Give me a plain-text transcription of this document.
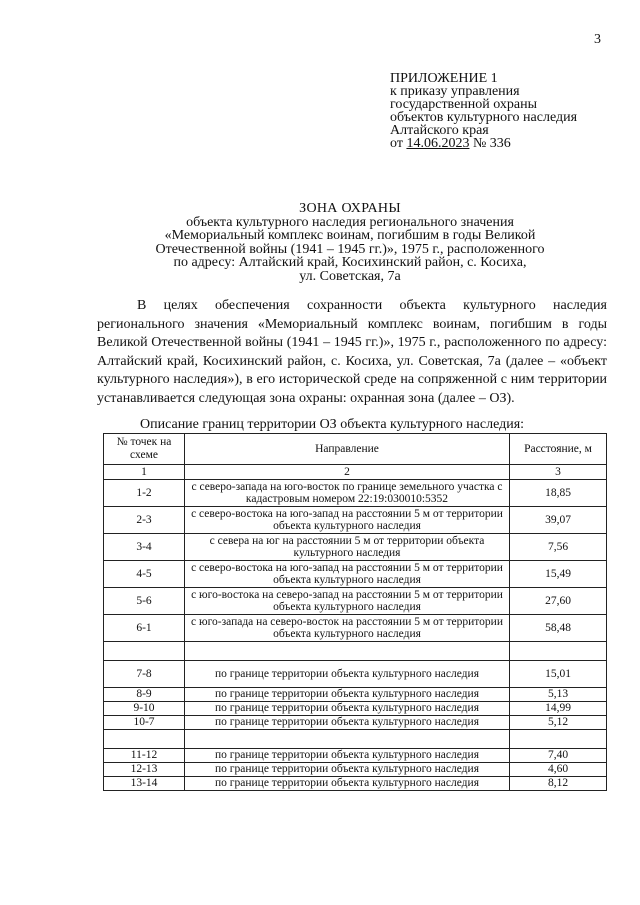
3
ПРИЛОЖЕНИЕ 1
к приказу управления
государственной охраны
объектов культурного наследия
Алтайского края
от 14.06.2023 № 336
ЗОНА ОХРАНЫ
объекта культурного наследия регионального значения
«Мемориальный комплекс воинам, погибшим в годы Великой
Отечественной войны (1941 – 1945 гг.)», 1975 г., расположенного
по адресу: Алтайский край, Косихинский район, с. Косиха,
ул. Советская, 7а

В целях обеспечения сохранности объекта культурного наследия регионального значения «Мемориальный комплекс воинам, погибшим в годы Великой Отечественной войны (1941 – 1945 гг.)», 1975 г., расположенного по адресу: Алтайский край, Косихинский район, с. Косиха, ул. Советская, 7а (далее – «объект культурного наследия»), в его исторической среде на сопряженной с ним территории устанавливается следующая зона охраны: охранная зона (далее – ОЗ).

Описание границ территории ОЗ объекта культурного наследия:
№ точек на схеме	Направление	Расстояние, м
1	2	3
1-2	с северо-запада на юго-восток по границе земельного участка с кадастровым номером 22:19:030010:5352	18,85
2-3	с северо-востока на юго-запад на расстоянии 5 м от территории объекта культурного наследия	39,07
3-4	с севера на юг на расстоянии 5 м от территории объекта культурного наследия	7,56
4-5	с северо-востока на юго-запад на расстоянии 5 м от территории объекта культурного наследия	15,49
5-6	с юго-востока на северо-запад на расстоянии 5 м от территории объекта культурного наследия	27,60
6-1	с юго-запада на северо-восток на расстоянии 5 м от территории объекта культурного наследия	58,48

7-8	по границе территории объекта культурного наследия	15,01
8-9	по границе территории объекта культурного наследия	5,13
9-10	по границе территории объекта культурного наследия	14,99
10-7	по границе территории объекта культурного наследия	5,12

11-12	по границе территории объекта культурного наследия	7,40
12-13	по границе территории объекта культурного наследия	4,60
13-14	по границе территории объекта культурного наследия	8,12
